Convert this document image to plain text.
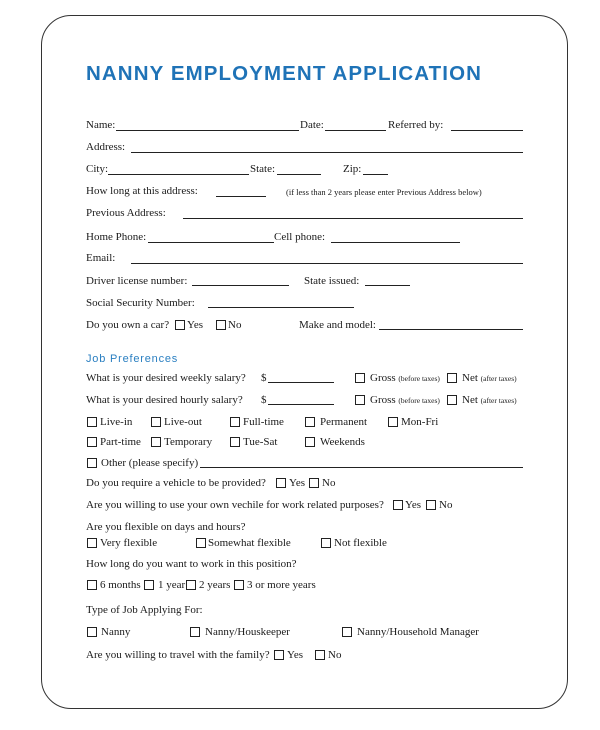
NANNY EMPLOYMENT APPLICATION
Name:	Date:	Referred by:
Address:
City:	State:	Zip:
How long at this address:	(if less than 2 years please enter Previous Address below)
Previous Address:
Home Phone:	Cell phone:
Email:
Driver license number:	State issued:
Social Security Number:
Do you own a car? Yes No	Make and model:
Job Preferences
What is your desired weekly salary? $	Gross (before taxes) Net (after taxes)
What is your desired hourly salary? $	Gross (before taxes) Net (after taxes)
Live-in	Live-out	Full-time	Permanent	Mon-Fri
Part-time Temporary	Tue-Sat	Weekends
Other (please specify)
Do you require a vehicle to be provided? Yes No
Are you willing to use your own vechile for work related purposes? Yes No
Are you flexible on days and hours?
Very flexible	Somewhat flexible	Not flexible
How long do you want to work in this position?
6 months 1 year 2 years 3 or more years
Type of Job Applying For:
Nanny	Nanny/Houskeeper	Nanny/Household Manager
Are you willing to travel with the family? Yes No
